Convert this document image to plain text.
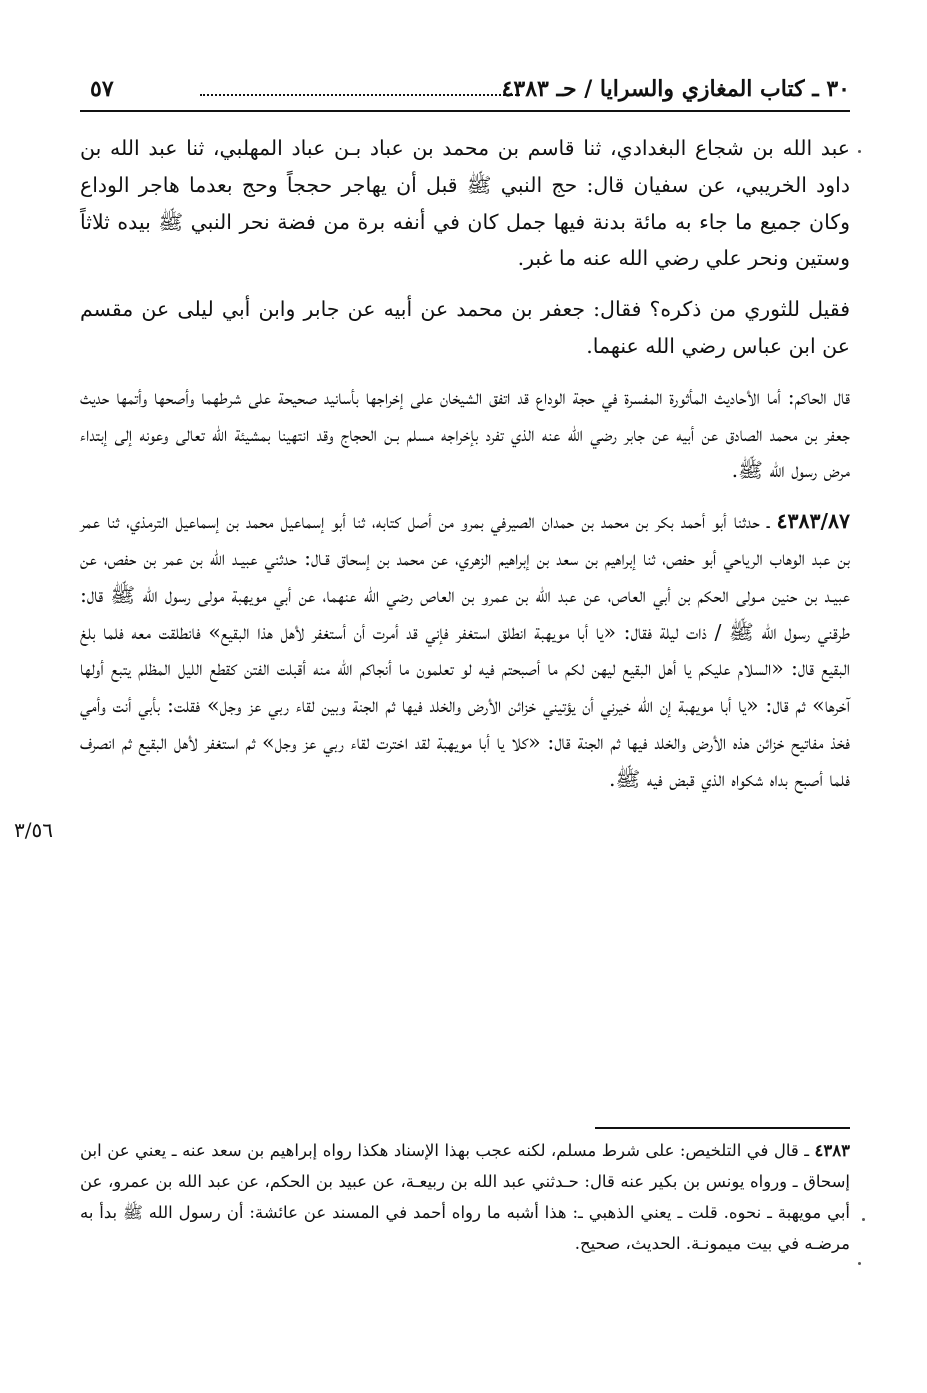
٣٠ ـ كتاب المغازي والسرايا / حـ ٤٣٨٣
٥٧
٣/٥٦

عبد الله بن شجاع البغدادي، ثنا قاسم بن محمد بن عباد بـن عباد المهلبي، ثنا عبد الله بن داود الخريبي، عن سفيان قال: حج النبي ﷺ قبل أن يهاجر حججاً وحج بعدما هاجر الوداع وكان جميع ما جاء به مائة بدنة فيها جمل كان في أنفه برة من فضة نحر النبي ﷺ بيده ثلاثاً وستين ونحر علي رضي الله عنه ما غبر.

فقيل للثوري من ذكره؟ فقال: جعفر بن محمد عن أبيه عن جابر وابن أبي ليلى عن مقسم عن ابن عباس رضي الله عنهما.

قال الحاكم: أما الأحاديث المأثورة المفسرة في حجة الوداع قد اتفق الشيخان على إخراجها بأسانيد صحيحة على شرطهما وأصحها وأتمها حديث جعفر بن محمد الصادق عن أبيه عن جابر رضي الله عنه الذي تفرد بإخراجه مسلم بـن الحجاج وقد انتهينا بمشيئة الله تعالى وعونه إلى إبتداء مرض رسول الله ﷺ.

٤٣٨٣/٨٧ ـ حدثنا أبو أحمد بكر بن محمد بن حمدان الصيرفي بمرو من أصل كتابه، ثنا أبو إسماعيل محمد بن إسماعيل الترمذي، ثنا عمر بن عبد الوهاب الرياحي أبو حفص، ثنا إبراهيم بن سعد بن إبراهيم الزهري، عن محمد بن إسحاق قـال: حدثني عبيـد الله بن عمر بن حفص، عن عبيـد بن حنين مـولى الحكم بن أبي العاص، عن عبد الله بن عمرو بن العاص رضي الله عنهما، عن أبي مويهبة مولى رسول الله ﷺ قال: طرقني رسول الله ﷺ / ذات ليلة فقال: «يا أبا مويهبة انطلق استغفر فإني قد أمرت أن أستغفر لأهل هذا البقيع» فانطلقت معه فلما بلغ البقيع قال: «السلام عليكم يا أهل البقيع ليهن لكم ما أصبحتم فيه لو تعلمون ما أنجاكم الله منه أقبلت الفتن كقطع الليل المظلم يتبع أولها آخرها» ثم قال: «يا أبا مويهبة إن الله خيرني أن يؤتيني خزائن الأرض والخلد فيها ثم الجنة وبين لقاء ربي عز وجل» فقلت: بأبي أنت وأمي فخذ مفاتيح خزائن هذه الأرض والخلد فيها ثم الجنة قال: «كلا يا أبا مويهبة لقد اخترت لقاء ربي عز وجل» ثم استغفر لأهل البقيع ثم انصرف فلما أصبح بداه شكواه الذي قبض فيه ﷺ.

٤٣٨٣ ـ قال في التلخيص: على شرط مسلم، لكنه عجب بهذا الإسناد هكذا رواه إبراهيم بن سعد عنه ـ يعني عن ابن إسحاق ـ ورواه يونس بن بكير عنه قال: حـدثني عبد الله بن ربيعـة، عن عبيد بن الحكم، عن عبد الله بن عمرو، عن أبي مويهبة ـ نحوه. قلت ـ يعني الذهبي ـ: هذا أشبه ما رواه أحمد في المسند عن عائشة: أن رسول الله ﷺ بدأ به مرضـه في بيت ميمونـة. الحديث، صحيح.
